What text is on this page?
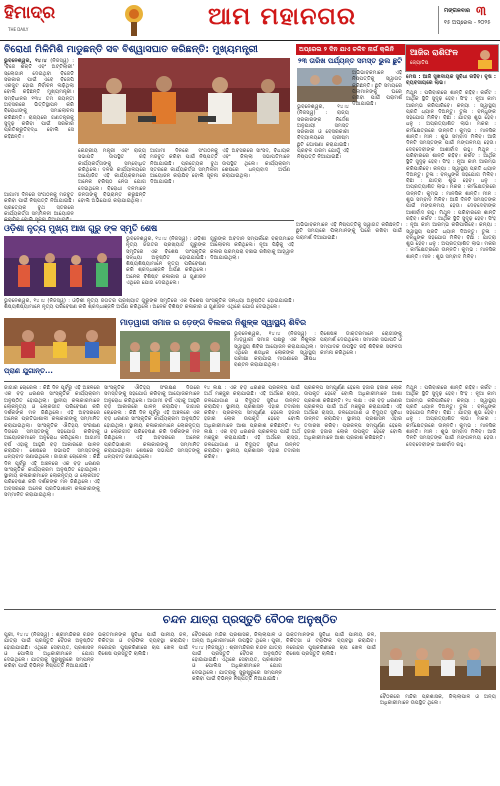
ହିମାଦ୍ର
THE DAILY	ଆମ ମହାନଗର	ମଙ୍ଗଳବାର ୩
୧୫ ଅପ୍ରେଲ - ୨୦୨୫
ବିରୋଧୀ ମିଳିମିଶି ମାଡୁଛନ୍ତି ସବ ବିଶ୍ୱାସଘାତ କରିଛନ୍ତି: ମୁଖ୍ୟମନ୍ତ୍ରୀ
ଭୁବନେଶ୍ୱର, ୧୪।୪ (ନିଜସ୍ୱ) : 'ବିଜେ ଶକ୍ତି ଏବଂ ଅଟ୍ଟିଲାରୀ' ସ୍ଲୋଗାନ ଦେଇଥିବା ବିଜେଡି ସରକାର ପାଇଁ ଏବେ ବିଜେପି ଏକଜୁଟ ହୋଇ ନିର୍ବାଚନ ଲଢ଼ିଥିଲା ବୋଲି କହିଛନ୍ତି ମୁଖ୍ୟମନ୍ତ୍ରୀ। ସମ୍ବିଧାନର ୧୩୪ ତମ ଜୟନ୍ତୀ ଅବସରରେ ଭିତ୍ତିସ୍ଥାପନ କରି ବିରୋଧୀଙ୍କୁ ସମାଲୋଚନା କରିଛନ୍ତି। ରାଜ୍ୟରେ ଗଣତନ୍ତ୍ରକୁ ସୁଦୃଢ଼ କରିବା ପାଇଁ ସରକାର ପ୍ରତିଶ୍ରୁତିବଦ୍ଧ ବୋଲି ସେ କହିଛନ୍ତି।
କେନ୍ଦ୍ରୀୟ ମନ୍ତ୍ରୀ ଏବଂ ରାଜ୍ୟ ସଭାପତି ଉପସ୍ଥିତ ରହି କାର୍ଯ୍ୟକର୍ତ୍ତାଙ୍କୁ ସମ୍ବୋଧିତ କରିଥିଲେ। ଦଳର କାର୍ଯ୍ୟାଳୟରେ ଆୟୋଜିତ ଏହି କାର୍ଯ୍ୟକ୍ରମରେ ଅନେକ ବରିଷ୍ଠ ନେତା ଯୋଗ ଦେଇଥିଲେ। ବିରୋଧୀ ଦଳମାନେ ଜନତାଙ୍କୁ ବିଭ୍ରାନ୍ତ କରୁଛନ୍ତି ବୋଲି ଅଭିଯୋଗ କରାଯାଇଥିଲା।
ଆଗାମୀ ଦିନରେ ସଂଗଠନକୁ ମଜବୁତ କରିବା ପାଇଁ ନିଷ୍ପତ୍ତି ନିଆଯାଇଛି। ପ୍ରତ୍ୟେକ ବୁଥ ସ୍ତରରେ କାର୍ଯ୍ୟକର୍ତ୍ତା ସମ୍ମିଳନୀ ଆୟୋଜନ କରାଯିବ ବୋଲି ସୂଚନା ଦିଆଯାଇଛି।
ଏହି ଅବସରରେ ସାଂସଦ, ବିଧାୟକ ଏବଂ ଜିଲ୍ଲା ସଭାପତିମାନେ ଉପସ୍ଥିତ ଥିଲେ। କାର୍ଯ୍ୟକ୍ରମ ଶେଷରେ ଧନ୍ୟବାଦ ଅର୍ପଣ କରାଯାଇଥିଲା।
ଆଗାମୀ ଦିନରେ ସଂଗଠନକୁ ମଜବୁତ କରିବା ପାଇଁ ନିଷ୍ପତ୍ତି ନିଆଯାଇଛି। ପ୍ରତ୍ୟେକ ବୁଥ ସ୍ତରରେ କାର୍ଯ୍ୟକର୍ତ୍ତା ସମ୍ମିଳନୀ ଆୟୋଜନ
ଅପ୍ରେଲ ୨ ଦିନ ଯାଏ ଚଳିବ ନାର୍ଗ କ୍ଲିନି
୨୩ ତାରିଖ ପର୍ଯ୍ୟନ୍ତ ସମସ୍ତ ଭୁଲ ଛୁଟି
ଭୁବନେଶ୍ୱର, ୧୪।୪ (ନିଜସ୍ୱ) : ରାଜ୍ୟ ସରକାରଙ୍କ ନିର୍ଦ୍ଦେଶ ଅନୁଯାୟୀ ସମସ୍ତ ସରକାରୀ ଓ ବେସରକାରୀ ବିଦ୍ୟାଳୟରେ ଗ୍ରୀଷ୍ମ ଛୁଟି ଘୋଷଣା କରାଯାଇଛି। ପ୍ରବଳ ଗରମ ଯୋଗୁଁ ଏହି ନିଷ୍ପତ୍ତି ନିଆଯାଇଛି।
ଅଭିଭାବକମାନେ ଏହି ନିଷ୍ପତ୍ତିକୁ ସ୍ୱାଗତ କରିଛନ୍ତି। ଛୁଟି ସମୟରେ ପିଲାମାନଙ୍କୁ ଘରେ ରଖିବା ପାଇଁ ପରାମର୍ଶ ଦିଆଯାଇଛି।
ଆଜିର ରାଶିଫଳ
ଜ୍ୟୋତିଷ
ମେଷ : ଆଜି ସୁଖଦାୟକ ସୁବିଧା ରହିବ। ବୃଷ : ବ୍ୟବସାୟରେ ଲାଭ।
ମିଥୁନ : ପରିବାରରେ ଶାନ୍ତି ରହିବ। କର୍କଟ : ଆର୍ଥିକ ସ୍ଥିତି ସୁଦୃଢ଼ ହେବ। ସିଂହ : ନୂଆ କାମ ଆରମ୍ଭ କରିପାରିବେ। କନ୍ୟା : ସ୍ୱାସ୍ଥ୍ୟ ପ୍ରତି ଧ୍ୟାନ ଦିଅନ୍ତୁ। ତୁଳା : ବନ୍ଧୁଙ୍କ ସହଯୋଗ ମିଳିବ। ବିଛା : ଯାତ୍ରା ଶୁଭ ହେବ। ଧନୁ : ଅପ୍ରତ୍ୟାଶିତ ଲାଭ। ମକର : କର୍ମକ୍ଷେତ୍ରରେ ଉନ୍ନତି। କୁମ୍ଭ : ମାନସିକ ଶାନ୍ତି। ମୀନ : ଶୁଭ ସମ୍ବାଦ ମିଳିବ। ଆଜି ଦିନଟି ସମସ୍ତଙ୍କ ପାଇଁ ମଙ୍ଗଳମୟ ହେଉ। ଦେବଦେବୀଙ୍କ ଆଶୀର୍ବାଦ ରହୁ। ମିଥୁନ : ପରିବାରରେ ଶାନ୍ତି ରହିବ। କର୍କଟ : ଆର୍ଥିକ ସ୍ଥିତି ସୁଦୃଢ଼ ହେବ। ସିଂହ : ନୂଆ କାମ ଆରମ୍ଭ କରିପାରିବେ। କନ୍ୟା : ସ୍ୱାସ୍ଥ୍ୟ ପ୍ରତି ଧ୍ୟାନ ଦିଅନ୍ତୁ। ତୁଳା : ବନ୍ଧୁଙ୍କ ସହଯୋଗ ମିଳିବ। ବିଛା : ଯାତ୍ରା ଶୁଭ ହେବ। ଧନୁ : ଅପ୍ରତ୍ୟାଶିତ ଲାଭ। ମକର : କର୍ମକ୍ଷେତ୍ରରେ ଉନ୍ନତି। କୁମ୍ଭ : ମାନସିକ ଶାନ୍ତି। ମୀନ : ଶୁଭ ସମ୍ବାଦ ମିଳିବ। ଆଜି ଦିନଟି ସମସ୍ତଙ୍କ ପାଇଁ ମଙ୍ଗଳମୟ ହେଉ। ଦେବଦେବୀଙ୍କ ଆଶୀର୍ବାଦ ରହୁ। ମିଥୁନ : ପରିବାରରେ ଶାନ୍ତି ରହିବ। କର୍କଟ : ଆର୍ଥିକ ସ୍ଥିତି ସୁଦୃଢ଼ ହେବ। ସିଂହ : ନୂଆ କାମ ଆରମ୍ଭ କରିପାରିବେ। କନ୍ୟା : ସ୍ୱାସ୍ଥ୍ୟ ପ୍ରତି ଧ୍ୟାନ ଦିଅନ୍ତୁ। ତୁଳା : ବନ୍ଧୁଙ୍କ ସହଯୋଗ ମିଳିବ। ବିଛା : ଯାତ୍ରା ଶୁଭ ହେବ। ଧନୁ : ଅପ୍ରତ୍ୟାଶିତ ଲାଭ। ମକର : କର୍ମକ୍ଷେତ୍ରରେ ଉନ୍ନତି। କୁମ୍ଭ : ମାନସିକ ଶାନ୍ତି। ମୀନ : ଶୁଭ ସମ୍ବାଦ ମିଳିବ।
ଓଡ଼ିଶା ନୃତ୍ୟ ମୁଖ୍ୟ ଆଖ ଗୁରୁ ଙ୍କ ସ୍ମୃତି ଶେଷ
ଭୁବନେଶ୍ୱର, ୧୪।୪ (ନିଜସ୍ୱ) : ଓଡ଼ିଶୀ ନୃତ୍ୟ ଜଗତର ପ୍ରଖ୍ୟାତ ଗୁରୁଙ୍କ ସ୍ମୃତିରେ ଏକ ବିଶେଷ ସାଂସ୍କୃତିକ ସନ୍ଧ୍ୟା ଅନୁଷ୍ଠିତ ହୋଇଯାଇଛି। ଶିଷ୍ୟଶିଷ୍ୟାମାନେ ନୃତ୍ୟ ପରିବେଷଣ କରି ଶ୍ରଦ୍ଧାଞ୍ଜଳି ଅର୍ପଣ କରିଥିଲେ। ଅନେକ ବିଶିଷ୍ଟ କଳାକାର ଓ ଗୁଣୀଜନ ଏଥିରେ ଯୋଗ ଦେଇଥିଲେ।
ଗୁରୁଙ୍କ ଅବଦାନ ସମ୍ପର୍କରେ ବକ୍ତାମାନେ ଆଲୋଚନା କରିଥିଲେ। ନୂଆ ପିଢ଼ିକୁ ଏହି କଳାର ପରମ୍ପରା ବଞ୍ଚାଇ ରଖିବାକୁ ଆହ୍ୱାନ ଦିଆଯାଇଥିଲା।
ଭୁବନେଶ୍ୱର, ୧୪।୪ (ନିଜସ୍ୱ) : ଓଡ଼ିଶୀ ନୃତ୍ୟ ଜଗତର ପ୍ରଖ୍ୟାତ ଗୁରୁଙ୍କ ସ୍ମୃତିରେ ଏକ ବିଶେଷ ସାଂସ୍କୃତିକ ସନ୍ଧ୍ୟା ଅନୁଷ୍ଠିତ ହୋଇଯାଇଛି। ଶିଷ୍ୟଶିଷ୍ୟାମାନେ ନୃତ୍ୟ ପରିବେଷଣ କରି ଶ୍ରଦ୍ଧାଞ୍ଜଳି ଅର୍ପଣ କରିଥିଲେ। ଅନେକ ବିଶିଷ୍ଟ କଳାକାର ଓ ଗୁଣୀଜନ ଏଥିରେ ଯୋଗ ଦେଇଥିଲେ।
ମାଡ଼ୱାରୀ ସମାଜ ର ଡ଼େଙ୍ଗ ବିଲକର ନିଶୁଳ୍କ ସ୍ୱାସ୍ଥ୍ୟ ଶିବିର
ଭୁବନେଶ୍ୱର, ୧୪।୪ (ନିଜସ୍ୱ) : ମାଡ଼ୱାରୀ ସମାଜ ପକ୍ଷରୁ ଏକ ନିଶୁଳ୍କ ସ୍ୱାସ୍ଥ୍ୟ ଶିବିର ଆୟୋଜନ କରାଯାଇଥିଲା। ଏଥିରେ ଶତାଧିକ ଲୋକଙ୍କ ସ୍ୱାସ୍ଥ୍ୟ ପରୀକ୍ଷା କରାଯାଇ ମାଗଣାରେ ଔଷଧ ବଣ୍ଟନ କରାଯାଇଥିଲା।
ବିଶେଷଜ୍ଞ ଡାକ୍ତରମାନେ ରୋଗୀଙ୍କୁ ପରାମର୍ଶ ଦେଇଥିଲେ। ସମାଜର ସଭାପତି ଓ ସମ୍ପାଦକ ଉପସ୍ଥିତ ରହି ଶିବିରର ସଫଳତା କାମନା କରିଥିଲେ।
ଅଭିଭାବକମାନେ ଏହି ନିଷ୍ପତ୍ତିକୁ ସ୍ୱାଗତ କରିଛନ୍ତି। ଛୁଟି ସମୟରେ ପିଲାମାନଙ୍କୁ ଘରେ ରଖିବା ପାଇଁ ପରାମର୍ଶ ଦିଆଯାଇଛି।
ପ୍ରାଣ ଯୁଗାନ୍ତ...
ଜାଗାର ଚୋରେଲ : କିଛି ଦିନ ପୂର୍ବରୁ ଏହି ଅଞ୍ଚଳରେ ଏକ ବଡ଼ ଧରଣର ସାଂସ୍କୃତିକ କାର୍ଯ୍ୟକ୍ରମ ଅନୁଷ୍ଠିତ ହୋଇଥିଲା। ସ୍ଥାନୀୟ କଳାକାରମାନେ ଲୋକନୃତ୍ୟ ଓ ଲୋକଗୀତ ପରିବେଷଣ କରି ଦର୍ଶକଙ୍କ ମନ ଜିଣିଥିଲେ। ଏହି ଅବସରରେ ଅନେକ ପ୍ରତିଭାଶାଳୀ କଳାକାରଙ୍କୁ ସମ୍ମାନିତ କରାଯାଇଥିଲା। ସାଂସ୍କୃତିକ ଐତିହ୍ୟ ସଂରକ୍ଷଣ ଦିଗରେ ସମସ୍ତଙ୍କୁ ସହଯୋଗ କରିବାକୁ ଆୟୋଜକମାନେ ଅନୁରୋଧ କରିଥିଲେ। ଆଗାମୀ ବର୍ଷ ଏହାକୁ ଆହୁରି ବଡ଼ ଆକାରରେ ପାଳନ କରାଯିବ। ଶେଷରେ ସଭାପତି ସମସ୍ତଙ୍କୁ ଧନ୍ୟବାଦ ଜଣାଇଥିଲେ। ଜାଗାର ଚୋରେଲ : କିଛି ଦିନ ପୂର୍ବରୁ ଏହି ଅଞ୍ଚଳରେ ଏକ ବଡ଼ ଧରଣର ସାଂସ୍କୃତିକ କାର୍ଯ୍ୟକ୍ରମ ଅନୁଷ୍ଠିତ ହୋଇଥିଲା। ସ୍ଥାନୀୟ କଳାକାରମାନେ ଲୋକନୃତ୍ୟ ଓ ଲୋକଗୀତ ପରିବେଷଣ କରି ଦର୍ଶକଙ୍କ ମନ ଜିଣିଥିଲେ। ଏହି ଅବସରରେ ଅନେକ ପ୍ରତିଭାଶାଳୀ କଳାକାରଙ୍କୁ ସମ୍ମାନିତ କରାଯାଇଥିଲା।
ସାଂସ୍କୃତିକ ଐତିହ୍ୟ ସଂରକ୍ଷଣ ଦିଗରେ ସମସ୍ତଙ୍କୁ ସହଯୋଗ କରିବାକୁ ଆୟୋଜକମାନେ ଅନୁରୋଧ କରିଥିଲେ। ଆଗାମୀ ବର୍ଷ ଏହାକୁ ଆହୁରି ବଡ଼ ଆକାରରେ ପାଳନ କରାଯିବ। ଜାଗାର ଚୋରେଲ : କିଛି ଦିନ ପୂର୍ବରୁ ଏହି ଅଞ୍ଚଳରେ ଏକ ବଡ଼ ଧରଣର ସାଂସ୍କୃତିକ କାର୍ଯ୍ୟକ୍ରମ ଅନୁଷ୍ଠିତ ହୋଇଥିଲା। ସ୍ଥାନୀୟ କଳାକାରମାନେ ଲୋକନୃତ୍ୟ ଓ ଲୋକଗୀତ ପରିବେଷଣ କରି ଦର୍ଶକଙ୍କ ମନ ଜିଣିଥିଲେ। ଏହି ଅବସରରେ ଅନେକ ପ୍ରତିଭାଶାଳୀ କଳାକାରଙ୍କୁ ସମ୍ମାନିତ କରାଯାଇଥିଲା। ଶେଷରେ ସଭାପତି ସମସ୍ତଙ୍କୁ ଧନ୍ୟବାଦ ଜଣାଇଥିଲେ।
୧୪ ଲକ୍ଷ : ଏକ ବଡ଼ ଧରଣର ପ୍ରକଳ୍ପ ପାଇଁ ଅର୍ଥ ମଞ୍ଜୁର କରାଯାଇଛି। ଏହି ଅର୍ଥରେ ରାସ୍ତା, ଜଳଯୋଗାଣ ଓ ବିଦ୍ୟୁତ ସୁବିଧା ଉନ୍ନତ କରାଯିବ। ସ୍ଥାନୀୟ ପ୍ରଶାସନ ଏହାର ତଦାରଖ କରିବ। ପ୍ରକଳ୍ପ ସମ୍ପୂର୍ଣ୍ଣ ହେଲେ ହଜାର ହଜାର ଲୋକ ଉପକୃତ ହେବେ ବୋଲି ଅଧିକାରୀମାନେ ଆଶା ପ୍ରକାଶ କରିଛନ୍ତି। ୧୪ ଲକ୍ଷ : ଏକ ବଡ଼ ଧରଣର ପ୍ରକଳ୍ପ ପାଇଁ ଅର୍ଥ ମଞ୍ଜୁର କରାଯାଇଛି। ଏହି ଅର୍ଥରେ ରାସ୍ତା, ଜଳଯୋଗାଣ ଓ ବିଦ୍ୟୁତ ସୁବିଧା ଉନ୍ନତ କରାଯିବ। ସ୍ଥାନୀୟ ପ୍ରଶାସନ ଏହାର ତଦାରଖ କରିବ।
ପ୍ରକଳ୍ପ ସମ୍ପୂର୍ଣ୍ଣ ହେଲେ ହଜାର ହଜାର ଲୋକ ଉପକୃତ ହେବେ ବୋଲି ଅଧିକାରୀମାନେ ଆଶା ପ୍ରକାଶ କରିଛନ୍ତି। ୧୪ ଲକ୍ଷ : ଏକ ବଡ଼ ଧରଣର ପ୍ରକଳ୍ପ ପାଇଁ ଅର୍ଥ ମଞ୍ଜୁର କରାଯାଇଛି। ଏହି ଅର୍ଥରେ ରାସ୍ତା, ଜଳଯୋଗାଣ ଓ ବିଦ୍ୟୁତ ସୁବିଧା ଉନ୍ନତ କରାଯିବ। ସ୍ଥାନୀୟ ପ୍ରଶାସନ ଏହାର ତଦାରଖ କରିବ। ପ୍ରକଳ୍ପ ସମ୍ପୂର୍ଣ୍ଣ ହେଲେ ହଜାର ହଜାର ଲୋକ ଉପକୃତ ହେବେ ବୋଲି ଅଧିକାରୀମାନେ ଆଶା ପ୍ରକାଶ କରିଛନ୍ତି।
ମିଥୁନ : ପରିବାରରେ ଶାନ୍ତି ରହିବ। କର୍କଟ : ଆର୍ଥିକ ସ୍ଥିତି ସୁଦୃଢ଼ ହେବ। ସିଂହ : ନୂଆ କାମ ଆରମ୍ଭ କରିପାରିବେ। କନ୍ୟା : ସ୍ୱାସ୍ଥ୍ୟ ପ୍ରତି ଧ୍ୟାନ ଦିଅନ୍ତୁ। ତୁଳା : ବନ୍ଧୁଙ୍କ ସହଯୋଗ ମିଳିବ। ବିଛା : ଯାତ୍ରା ଶୁଭ ହେବ। ଧନୁ : ଅପ୍ରତ୍ୟାଶିତ ଲାଭ। ମକର : କର୍ମକ୍ଷେତ୍ରରେ ଉନ୍ନତି। କୁମ୍ଭ : ମାନସିକ ଶାନ୍ତି। ମୀନ : ଶୁଭ ସମ୍ବାଦ ମିଳିବ। ଆଜି ଦିନଟି ସମସ୍ତଙ୍କ ପାଇଁ ମଙ୍ଗଳମୟ ହେଉ। ଦେବଦେବୀଙ୍କ ଆଶୀର୍ବାଦ ରହୁ।
ଚନ୍ଦନ ଯାତ୍ରା ପ୍ରସ୍ତୁତି ବୈଠକ ଅନୁଷ୍ଠିତ
ପୁରୀ, ୧୪।୪ (ନିଜସ୍ୱ) : ଶ୍ରୀମନ୍ଦିରର ଚନ୍ଦନ ଯାତ୍ରା ପାଇଁ ପ୍ରସ୍ତୁତି ବୈଠକ ଅନୁଷ୍ଠିତ ହୋଇଯାଇଛି। ଏଥିରେ ସେବାୟତ, ପ୍ରଶାସନ ଓ ପୋଲିସ ଅଧିକାରୀମାନେ ଯୋଗ ଦେଇଥିଲେ। ଯାତ୍ରାକୁ ସୁରୁଖୁରୁରେ ସମ୍ପନ୍ନ କରିବା ପାଇଁ ବିଭିନ୍ନ ନିଷ୍ପତ୍ତି ନିଆଯାଇଛି।
ଭକ୍ତମାନଙ୍କ ସୁବିଧା ପାଇଁ ପାନୀୟ ଜଳ, ଚିକିତ୍ସା ଓ ଟ୍ରାଫିକ ବ୍ୟବସ୍ଥା କରାଯିବ। ନରେନ୍ଦ୍ର ପୁଷ୍କରିଣୀରେ ଚାପ ଖେଳ ପାଇଁ ବିଶେଷ ପ୍ରସ୍ତୁତି ଚାଲିଛି।
ବୈଠକରେ ମନ୍ଦିର ପ୍ରଶାସକ, ଜିଲ୍ଲାପାଳ ଓ ଅନ୍ୟ ଅଧିକାରୀମାନେ ଉପସ୍ଥିତ ଥିଲେ। ପୁରୀ, ୧୪।୪ (ନିଜସ୍ୱ) : ଶ୍ରୀମନ୍ଦିରର ଚନ୍ଦନ ଯାତ୍ରା ପାଇଁ ପ୍ରସ୍ତୁତି ବୈଠକ ଅନୁଷ୍ଠିତ ହୋଇଯାଇଛି। ଏଥିରେ ସେବାୟତ, ପ୍ରଶାସନ ଓ ପୋଲିସ ଅଧିକାରୀମାନେ ଯୋଗ ଦେଇଥିଲେ। ଯାତ୍ରାକୁ ସୁରୁଖୁରୁରେ ସମ୍ପନ୍ନ କରିବା ପାଇଁ ବିଭିନ୍ନ ନିଷ୍ପତ୍ତି ନିଆଯାଇଛି।
ଭକ୍ତମାନଙ୍କ ସୁବିଧା ପାଇଁ ପାନୀୟ ଜଳ, ଚିକିତ୍ସା ଓ ଟ୍ରାଫିକ ବ୍ୟବସ୍ଥା କରାଯିବ। ନରେନ୍ଦ୍ର ପୁଷ୍କରିଣୀରେ ଚାପ ଖେଳ ପାଇଁ ବିଶେଷ ପ୍ରସ୍ତୁତି ଚାଲିଛି।
ବୈଠକରେ ମନ୍ଦିର ପ୍ରଶାସକ, ଜିଲ୍ଲାପାଳ ଓ ଅନ୍ୟ ଅଧିକାରୀମାନେ ଉପସ୍ଥିତ ଥିଲେ।
